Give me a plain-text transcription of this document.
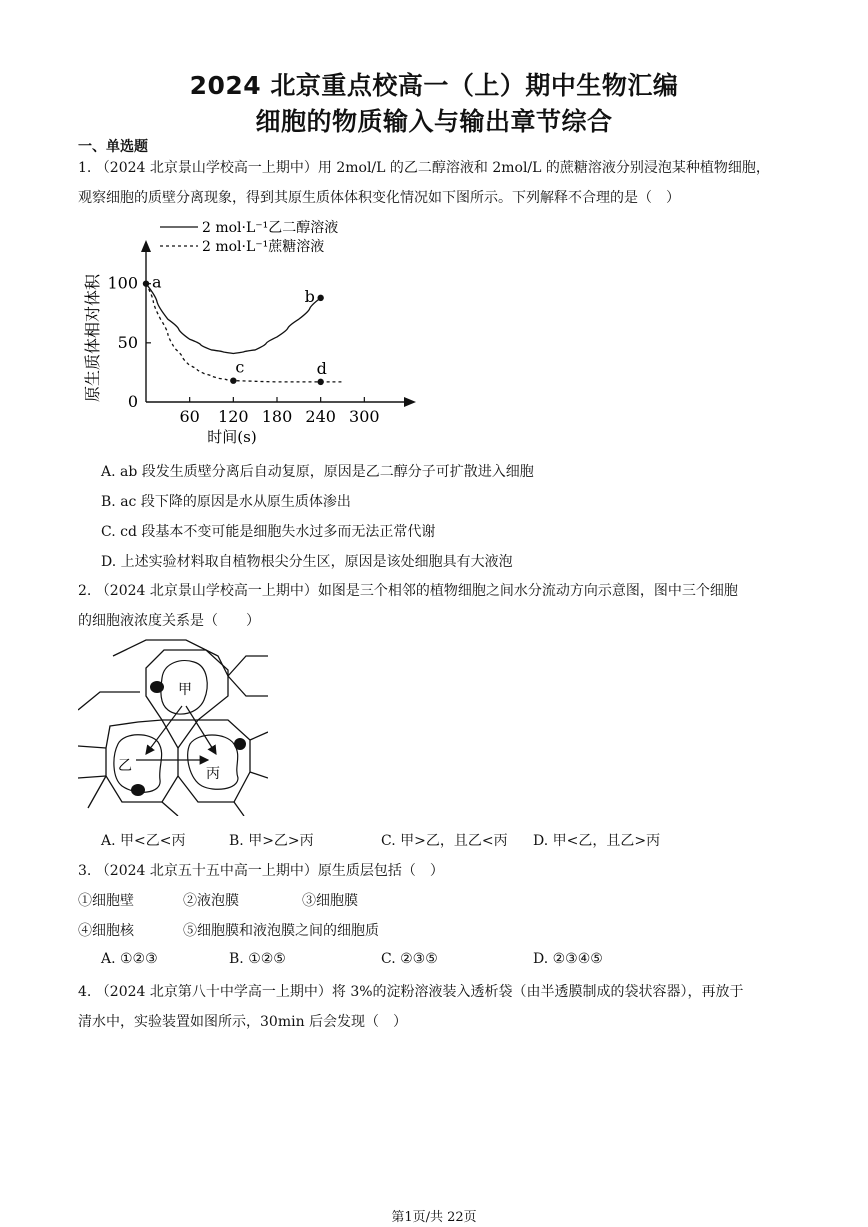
2024 北京重点校高一（上）期中生物汇编
细胞的物质输入与输出章节综合
一、单选题
1. （2024 北京景山学校高一上期中）用 2mol/L 的乙二醇溶液和 2mol/L 的蔗糖溶液分别浸泡某种植物细胞，
观察细胞的质壁分离现象，得到其原生质体体积变化情况如下图所示。下列解释不合理的是（　）
2 mol·L⁻¹乙二醇溶液
2 mol·L⁻¹蔗糖溶液
60 120 180 240 300
0
50
100 a
b
c	d
原生质体相对体积
时间(s)
A. ab 段发生质壁分离后自动复原，原因是乙二醇分子可扩散进入细胞
B. ac 段下降的原因是水从原生质体渗出
C. cd 段基本不变可能是细胞失水过多而无法正常代谢
D. 上述实验材料取自植物根尖分生区，原因是该处细胞具有大液泡
2. （2024 北京景山学校高一上期中）如图是三个相邻的植物细胞之间水分流动方向示意图，图中三个细胞
的细胞液浓度关系是（　　）
甲
乙	丙
A. 甲<乙<丙	B. 甲>乙>丙	C. 甲>乙，且乙<丙 D. 甲<乙，且乙>丙
3. （2024 北京五十五中高一上期中）原生质层包括（　）
①细胞壁	②液泡膜	③细胞膜
④细胞核	⑤细胞膜和液泡膜之间的细胞质
A. ①②③	B. ①②⑤	C. ②③⑤	D. ②③④⑤
4. （2024 北京第八十中学高一上期中）将 3%的淀粉溶液装入透析袋（由半透膜制成的袋状容器），再放于
清水中，实验装置如图所示，30min 后会发现（　）
第1页/共 22页
